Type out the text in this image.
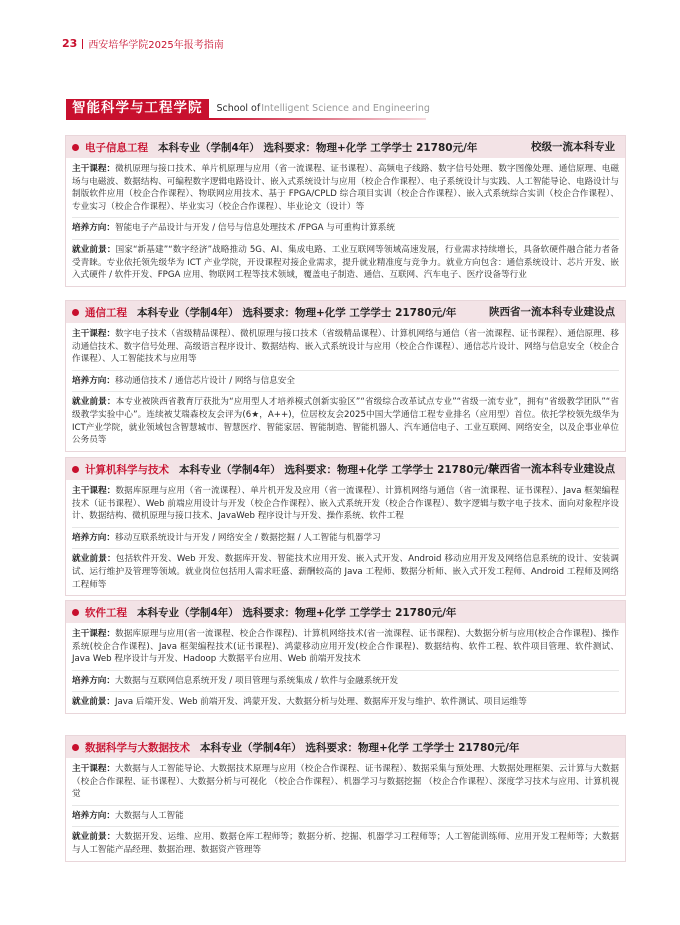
23 西安培华学院2025年报考指南
智能科学与工程学院	School of Intelligent Science and Engineering
电子信息工程 本科专业（学制4年） 选科要求：物理+化学 工学学士 21780元/年	校级一流本科专业
主干课程：微机原理与接口技术、单片机原理与应用（省一流课程、证书课程）、高频电子线路、数字信号处理、数字图像处理、通信原理、电磁场与电磁波、数据结构、可编程数字逻辑电路设计、嵌入式系统设计与应用（校企合作课程）、电子系统设计与实践、人工智能导论、电路设计与制版软件应用（校企合作课程）、物联网应用技术、基于 FPGA/CPLD 综合项目实训（校企合作课程）、嵌入式系统综合实训（校企合作课程）、专业实习（校企合作课程）、毕业实习（校企合作课程）、毕业论文（设计）等
培养方向：智能电子产品设计与开发 / 信号与信息处理技术 /FPGA 与可重构计算系统
就业前景：国家“新基建”“数字经济”战略推动 5G、AI、集成电路、工业互联网等领域高速发展，行业需求持续增长，具备软硬件融合能力者备受青睐。专业依托领先级华为 ICT 产业学院，开设课程对接企业需求，提升就业精准度与竞争力。就业方向包含：通信系统设计、芯片开发、嵌入式硬件 / 软件开发、FPGA 应用、物联网工程等技术领域，覆盖电子制造、通信、互联网、汽车电子、医疗设备等行业
通信工程 本科专业（学制4年） 选科要求：物理+化学 工学学士 21780元/年	陕西省一流本科专业建设点
主干课程：数字电子技术（省级精品课程）、微机原理与接口技术（省级精品课程）、计算机网络与通信（省一流课程、证书课程）、通信原理、移动通信技术、数字信号处理、高级语言程序设计、数据结构、嵌入式系统设计与应用（校企合作课程）、通信芯片设计、网络与信息安全（校企合作课程）、人工智能技术与应用等
培养方向：移动通信技术 / 通信芯片设计 / 网络与信息安全
就业前景：本专业被陕西省教育厅获批为“应用型人才培养模式创新实验区”“省级综合改革试点专业”“省级一流专业”，拥有“省级教学团队”“省级教学实验中心”。连续被艾瑞森校友会评为(6★，A++)，位居校友会2025中国大学通信工程专业排名（应用型）首位。依托学校领先级华为ICT产业学院，就业领域包含智慧城市、智慧医疗、智能家居、智能制造、智能机器人、汽车通信电子、工业互联网、网络安全，以及企事业单位公务员等
计算机科学与技术 本科专业（学制4年） 选科要求：物理+化学 工学学士 21780元/年
陕西省一流本科专业建设点
主干课程：数据库原理与应用（省一流课程）、单片机开发及应用（省一流课程）、计算机网络与通信（省一流课程、证书课程）、Java 框架编程技术（证书课程）、Web 前端应用设计与开发（校企合作课程）、嵌入式系统开发（校企合作课程）、数字逻辑与数字电子技术、面向对象程序设计、数据结构、微机原理与接口技术、JavaWeb 程序设计与开发、操作系统、软件工程
培养方向：移动互联系统设计与开发 / 网络安全 / 数据挖掘 / 人工智能与机器学习
就业前景：包括软件开发、Web 开发、数据库开发、智能技术应用开发、嵌入式开发、Android 移动应用开发及网络信息系统的设计、安装调试、运行维护及管理等领域。就业岗位包括用人需求旺盛、薪酬较高的 Java 工程师、数据分析师、嵌入式开发工程师、Android 工程师及网络工程师等
软件工程 本科专业（学制4年） 选科要求：物理+化学 工学学士 21780元/年
主干课程：数据库原理与应用(省一流课程、校企合作课程)、计算机网络技术(省一流课程、证书课程)、大数据分析与应用(校企合作课程)、操作系统(校企合作课程)、Java 框架编程技术(证书课程)、鸿蒙移动应用开发(校企合作课程)、数据结构、软件工程、软件项目管理、软件测试、Java Web 程序设计与开发、Hadoop 大数据平台应用、Web 前端开发技术
培养方向：大数据与互联网信息系统开发 / 项目管理与系统集成 / 软件与金融系统开发
就业前景：Java 后端开发、Web 前端开发、鸿蒙开发、大数据分析与处理、数据库开发与维护、软件测试、项目运维等
数据科学与大数据技术 本科专业（学制4年） 选科要求：物理+化学 工学学士 21780元/年
主干课程：大数据与人工智能导论、大数据技术原理与应用（校企合作课程、证书课程）、数据采集与预处理、大数据处理框架、云计算与大数据（校企合作课程、证书课程）、大数据分析与可视化 （校企合作课程）、机器学习与数据挖掘 （校企合作课程）、深度学习技术与应用、计算机视觉
培养方向：大数据与人工智能
就业前景：大数据开发、运维、应用、数据仓库工程师等；数据分析、挖掘、机器学习工程师等；人工智能训练师、应用开发工程师等；大数据与人工智能产品经理、数据治理、数据资产管理等
